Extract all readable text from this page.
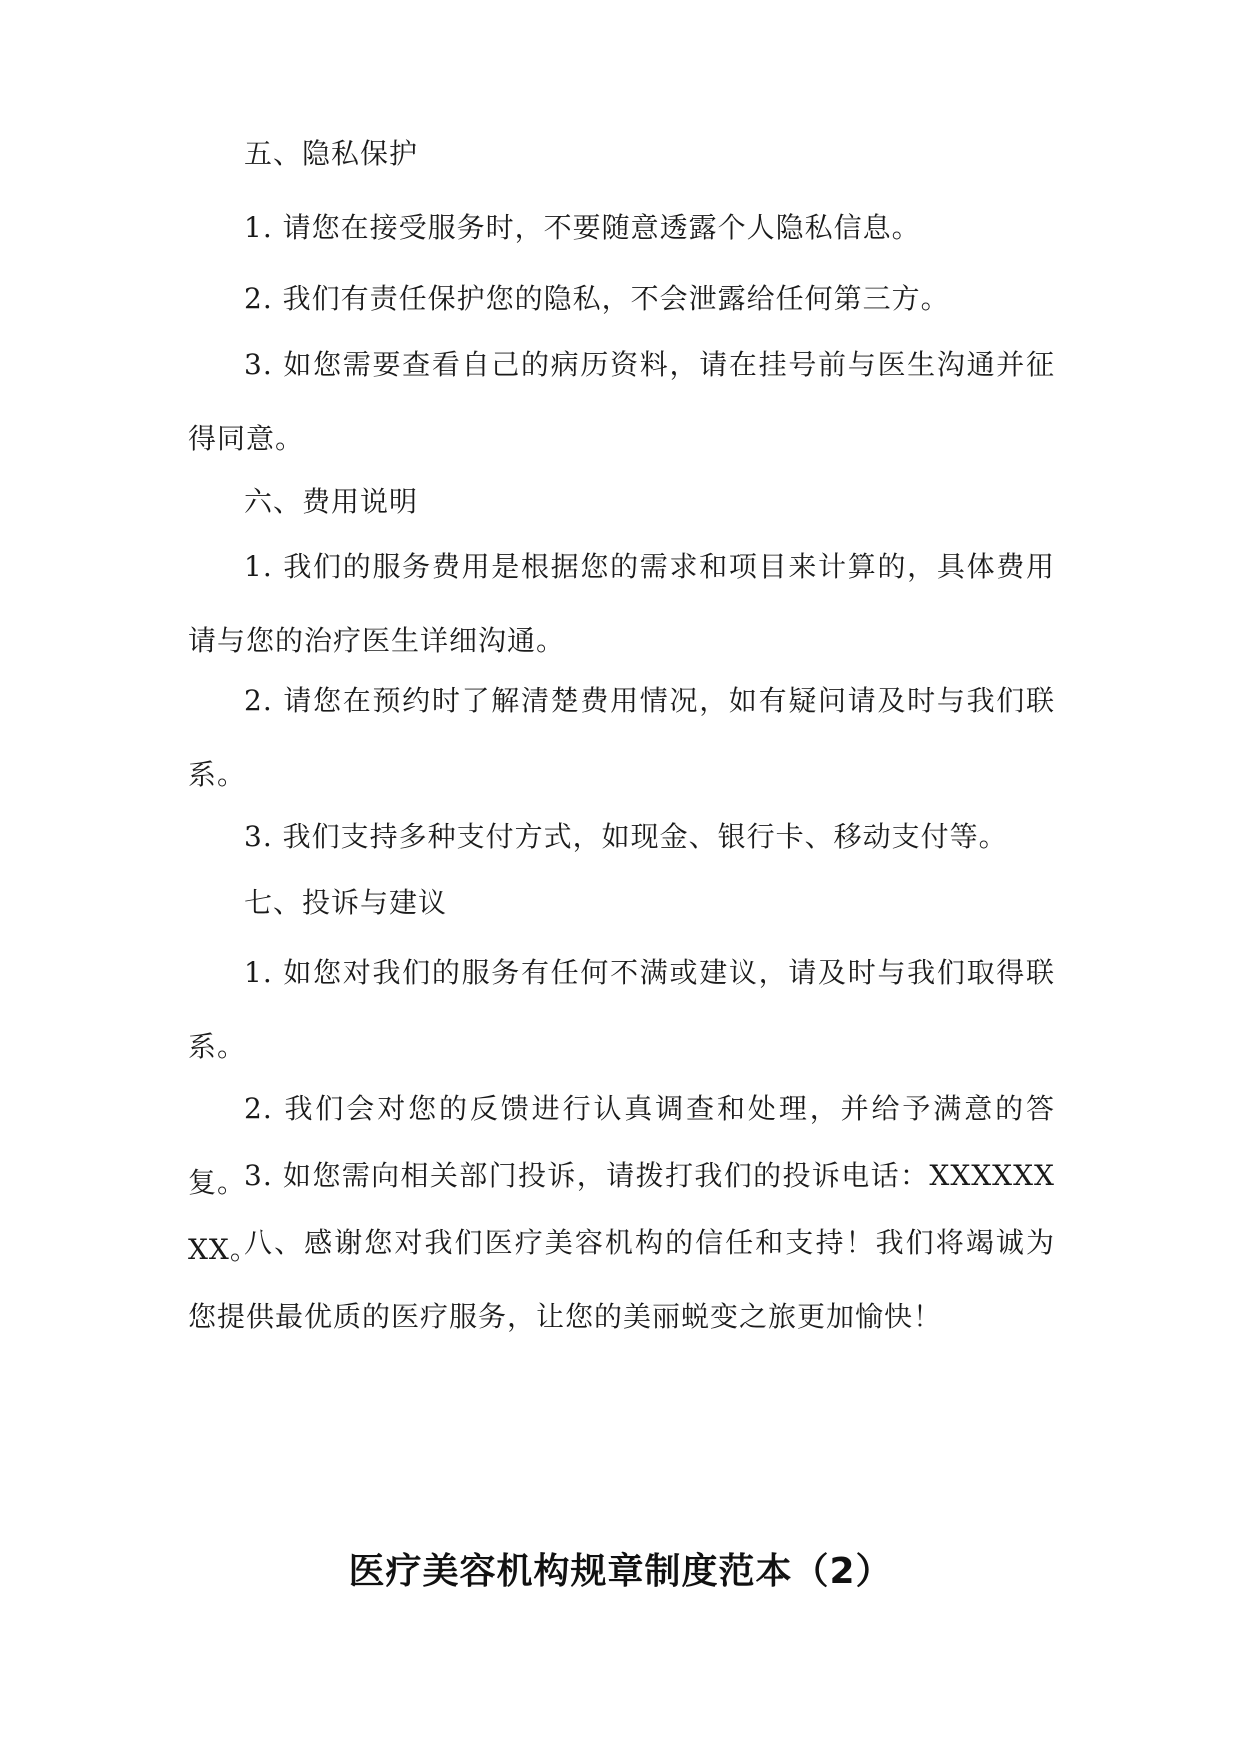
五、隐私保护

1. 请您在接受服务时，不要随意透露个人隐私信息。

2. 我们有责任保护您的隐私，不会泄露给任何第三方。

3. 如您需要查看自己的病历资料，请在挂号前与医生沟通并征得同意。

六、费用说明

1. 我们的服务费用是根据您的需求和项目来计算的，具体费用请与您的治疗医生详细沟通。

2. 请您在预约时了解清楚费用情况，如有疑问请及时与我们联系。

3. 我们支持多种支付方式，如现金、银行卡、移动支付等。

七、投诉与建议

1. 如您对我们的服务有任何不满或建议，请及时与我们取得联系。

2. 我们会对您的反馈进行认真调查和处理，并给予满意的答复。

3. 如您需向相关部门投诉，请拨打我们的投诉电话：XXXXXXXX。

八、感谢您对我们医疗美容机构的信任和支持！我们将竭诚为您提供最优质的医疗服务，让您的美丽蜕变之旅更加愉快！

医疗美容机构规章制度范本（2）
